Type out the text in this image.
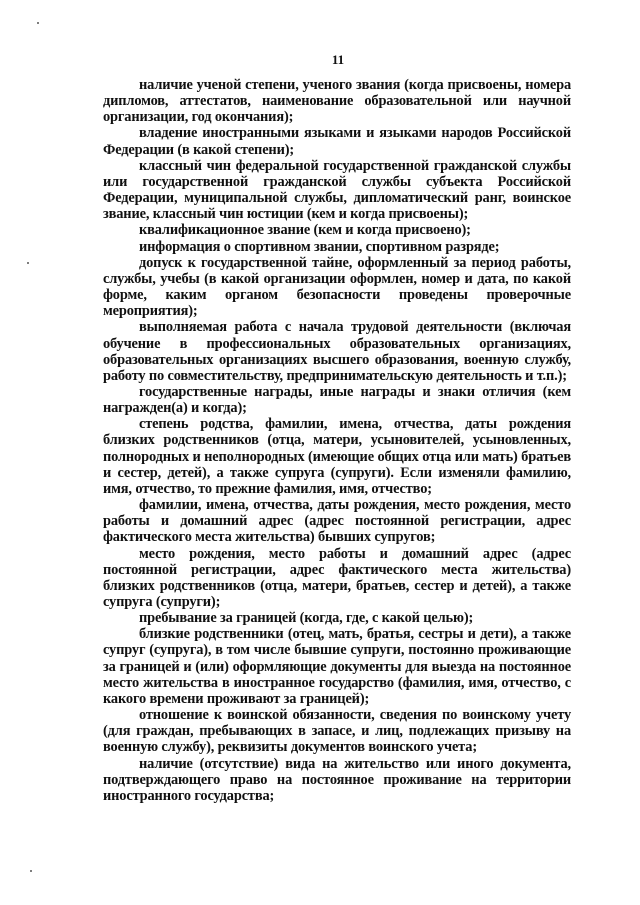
11

наличие ученой степени, ученого звания (когда присвоены, номера дипломов, аттестатов, наименование образовательной или научной организации, год окончания);

владение иностранными языками и языками народов Российской Федерации (в какой степени);

классный чин федеральной государственной гражданской службы или государственной гражданской службы субъекта Российской Федерации, муниципальной службы, дипломатический ранг, воинское звание, классный чин юстиции (кем и когда присвоены);

квалификационное звание (кем и когда присвоено);

информация о спортивном звании, спортивном разряде;

допуск к государственной тайне, оформленный за период работы, службы, учебы (в какой организации оформлен, номер и дата, по какой форме, каким органом безопасности проведены проверочные мероприятия);

выполняемая работа с начала трудовой деятельности (включая обучение в профессиональных образовательных организациях, образовательных организациях высшего образования, военную службу, работу по совместительству, предпринимательскую деятельность и т.п.);

государственные награды, иные награды и знаки отличия (кем награжден(а) и когда);

степень родства, фамилии, имена, отчества, даты рождения близких родственников (отца, матери, усыновителей, усыновленных, полнородных и неполнородных (имеющие общих отца или мать) братьев и сестер, детей), а также супруга (супруги). Если изменяли фамилию, имя, отчество, то прежние фамилия, имя, отчество;

фамилии, имена, отчества, даты рождения, место рождения, место работы и домашний адрес (адрес постоянной регистрации, адрес фактического места жительства) бывших супругов;

место рождения, место работы и домашний адрес (адрес постоянной регистрации, адрес фактического места жительства) близких родственников (отца, матери, братьев, сестер и детей), а также супруга (супруги);

пребывание за границей (когда, где, с какой целью);

близкие родственники (отец, мать, братья, сестры и дети), а также супруг (супруга), в том числе бывшие супруги, постоянно проживающие за границей и (или) оформляющие документы для выезда на постоянное место жительства в иностранное государство (фамилия, имя, отчество, с какого времени проживают за границей);

отношение к воинской обязанности, сведения по воинскому учету (для граждан, пребывающих в запасе, и лиц, подлежащих призыву на военную службу), реквизиты документов воинского учета;

наличие (отсутствие) вида на жительство или иного документа, подтверждающего право на постоянное проживание на территории иностранного государства;
